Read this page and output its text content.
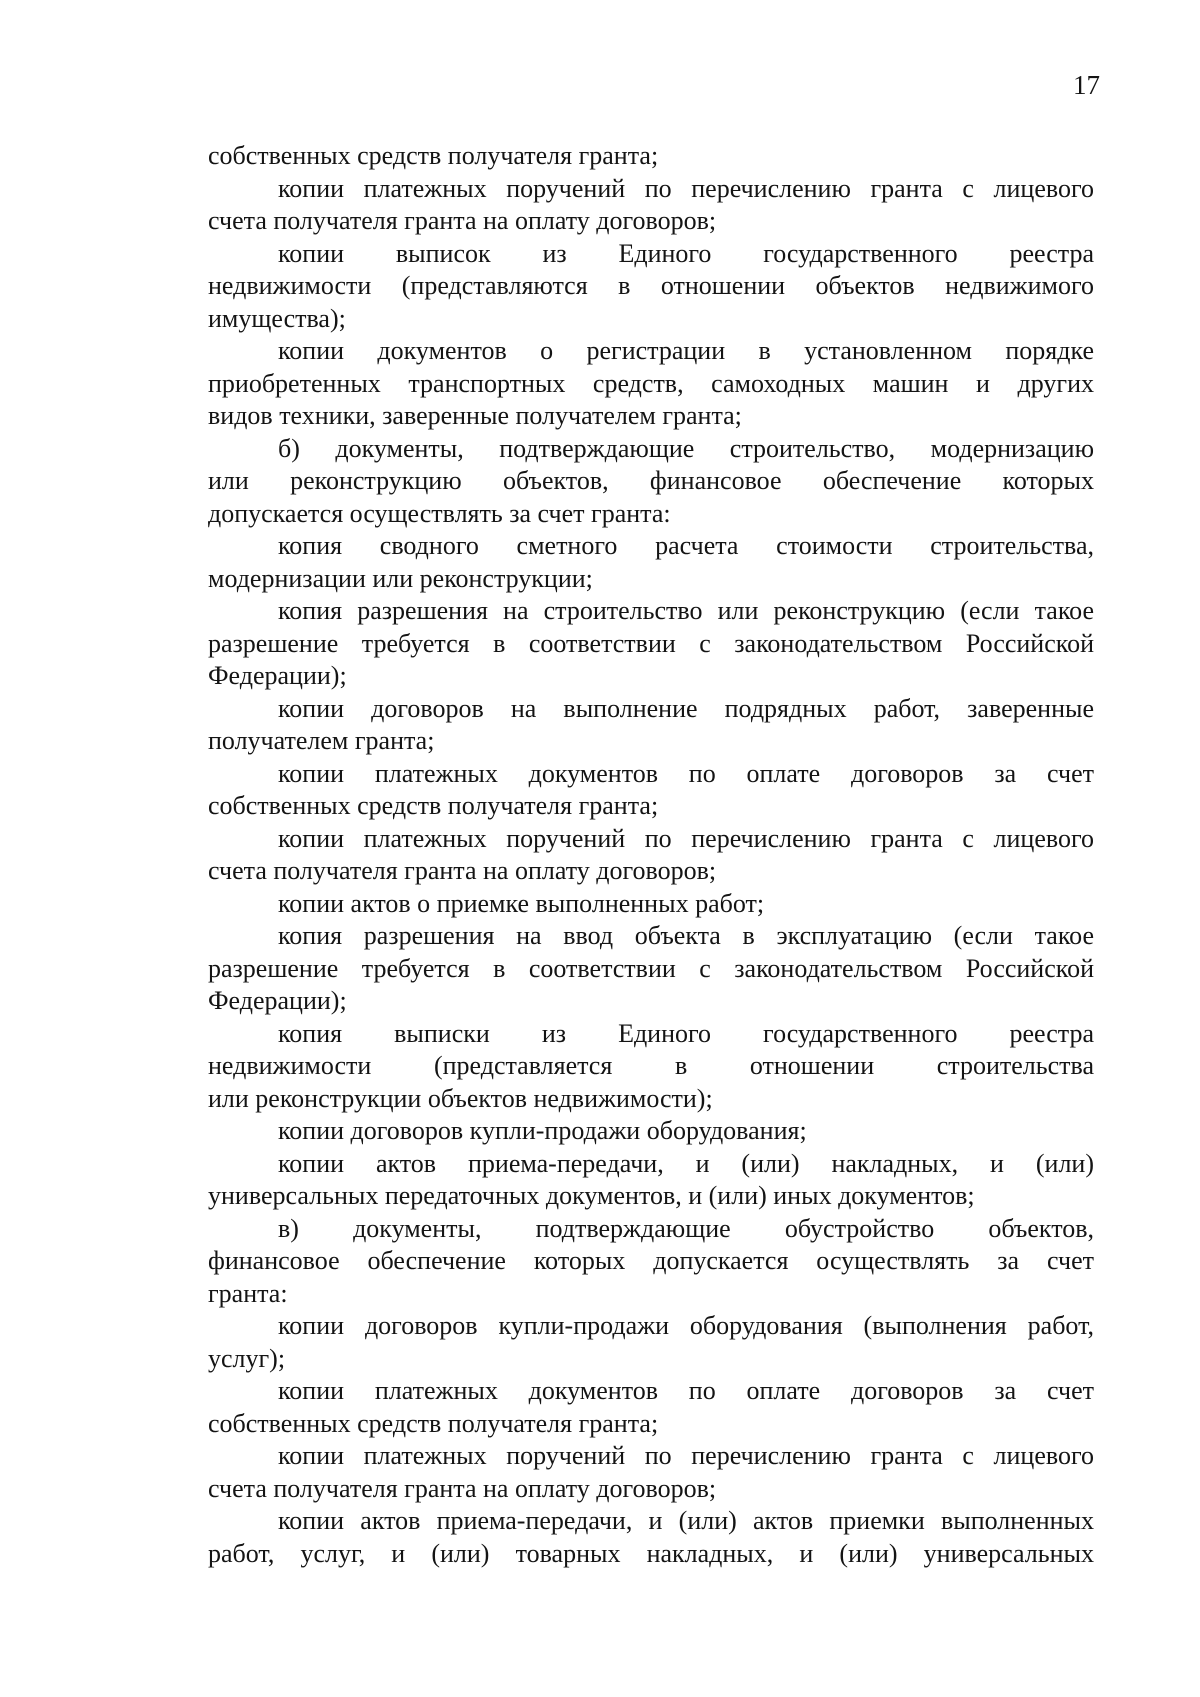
17
собственных средств получателя гранта;
копии платежных поручений по перечислению гранта с лицевого
счета получателя гранта на оплату договоров;
копии выписок из Единого государственного реестра
недвижимости (представляются в отношении объектов недвижимого
имущества);
копии документов о регистрации в установленном порядке
приобретенных транспортных средств, самоходных машин и других
видов техники, заверенные получателем гранта;
б) документы, подтверждающие строительство, модернизацию
или реконструкцию объектов, финансовое обеспечение которых
допускается осуществлять за счет гранта:
копия сводного сметного расчета стоимости строительства,
модернизации или реконструкции;
копия разрешения на строительство или реконструкцию (если такое
разрешение требуется в соответствии с законодательством Российской
Федерации);
копии договоров на выполнение подрядных работ, заверенные
получателем гранта;
копии платежных документов по оплате договоров за счет
собственных средств получателя гранта;
копии платежных поручений по перечислению гранта с лицевого
счета получателя гранта на оплату договоров;
копии актов о приемке выполненных работ;
копия разрешения на ввод объекта в эксплуатацию (если такое
разрешение требуется в соответствии с законодательством Российской
Федерации);
копия выписки из Единого государственного реестра
недвижимости (представляется в отношении строительства
или реконструкции объектов недвижимости);
копии договоров купли-продажи оборудования;
копии актов приема-передачи, и (или) накладных, и (или)
универсальных передаточных документов, и (или) иных документов;
в) документы, подтверждающие обустройство объектов,
финансовое обеспечение которых допускается осуществлять за счет
гранта:
копии договоров купли-продажи оборудования (выполнения работ,
услуг);
копии платежных документов по оплате договоров за счет
собственных средств получателя гранта;
копии платежных поручений по перечислению гранта с лицевого
счета получателя гранта на оплату договоров;
копии актов приема-передачи, и (или) актов приемки выполненных
работ, услуг, и (или) товарных накладных, и (или) универсальных
